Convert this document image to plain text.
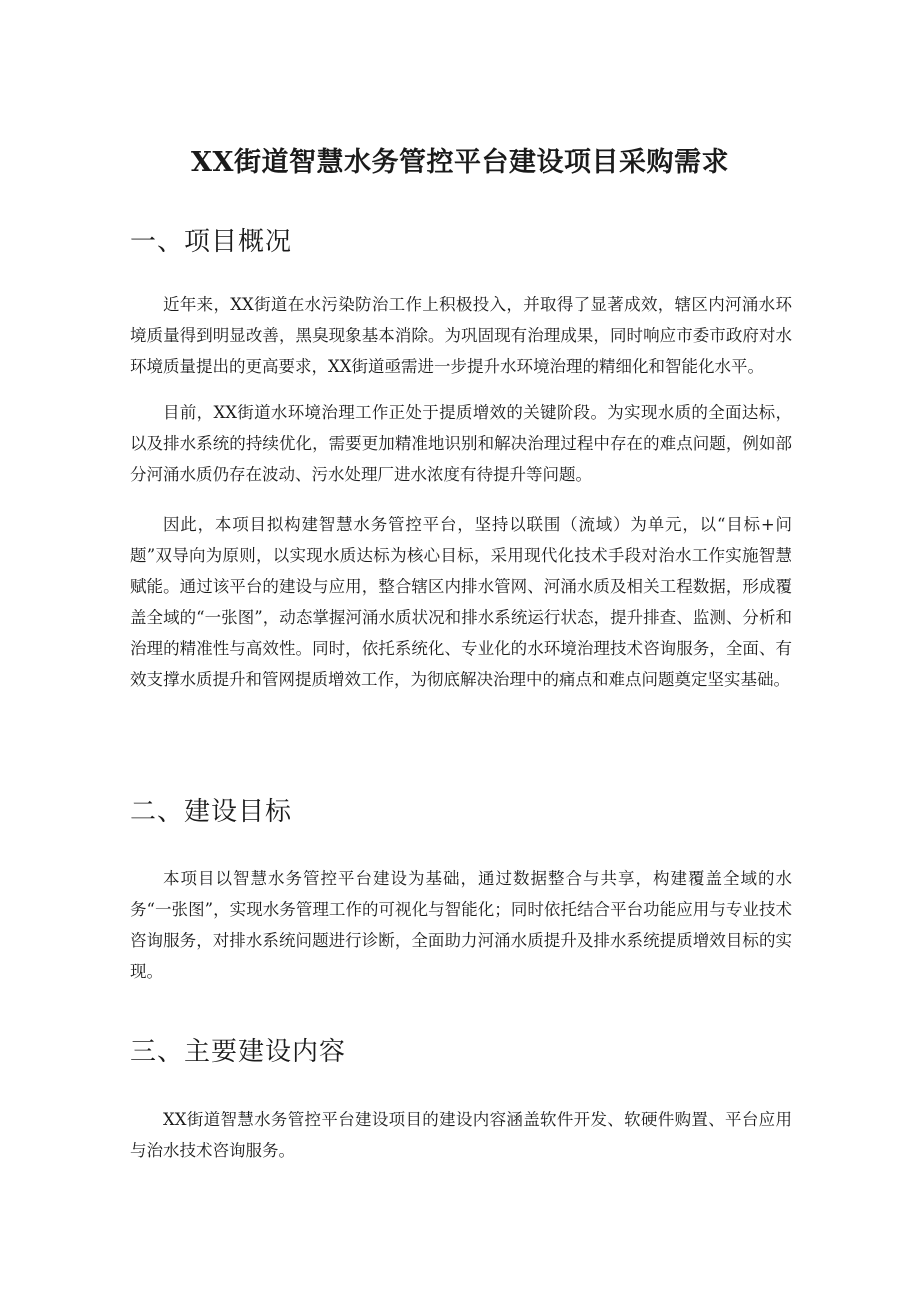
XX街道智慧水务管控平台建设项目采购需求
一、项目概况

近年来，XX街道在水污染防治工作上积极投入，并取得了显著成效，辖区内河涌水环境质量得到明显改善，黑臭现象基本消除。为巩固现有治理成果，同时响应市委市政府对水环境质量提出的更高要求，XX街道亟需进一步提升水环境治理的精细化和智能化水平。

目前，XX街道水环境治理工作正处于提质增效的关键阶段。为实现水质的全面达标，以及排水系统的持续优化，需要更加精准地识别和解决治理过程中存在的难点问题，例如部分河涌水质仍存在波动、污水处理厂进水浓度有待提升等问题。

因此，本项目拟构建智慧水务管控平台，坚持以联围（流域）为单元，以“目标+问题”双导向为原则，以实现水质达标为核心目标，采用现代化技术手段对治水工作实施智慧赋能。通过该平台的建设与应用，整合辖区内排水管网、河涌水质及相关工程数据，形成覆盖全域的“一张图”，动态掌握河涌水质状况和排水系统运行状态，提升排查、监测、分析和治理的精准性与高效性。同时，依托系统化、专业化的水环境治理技术咨询服务，全面、有效支撑水质提升和管网提质增效工作，为彻底解决治理中的痛点和难点问题奠定坚实基础。

二、建设目标

本项目以智慧水务管控平台建设为基础，通过数据整合与共享，构建覆盖全域的水务“一张图”，实现水务管理工作的可视化与智能化；同时依托结合平台功能应用与专业技术咨询服务，对排水系统问题进行诊断，全面助力河涌水质提升及排水系统提质增效目标的实现。

三、主要建设内容

XX街道智慧水务管控平台建设项目的建设内容涵盖软件开发、软硬件购置、平台应用与治水技术咨询服务。
